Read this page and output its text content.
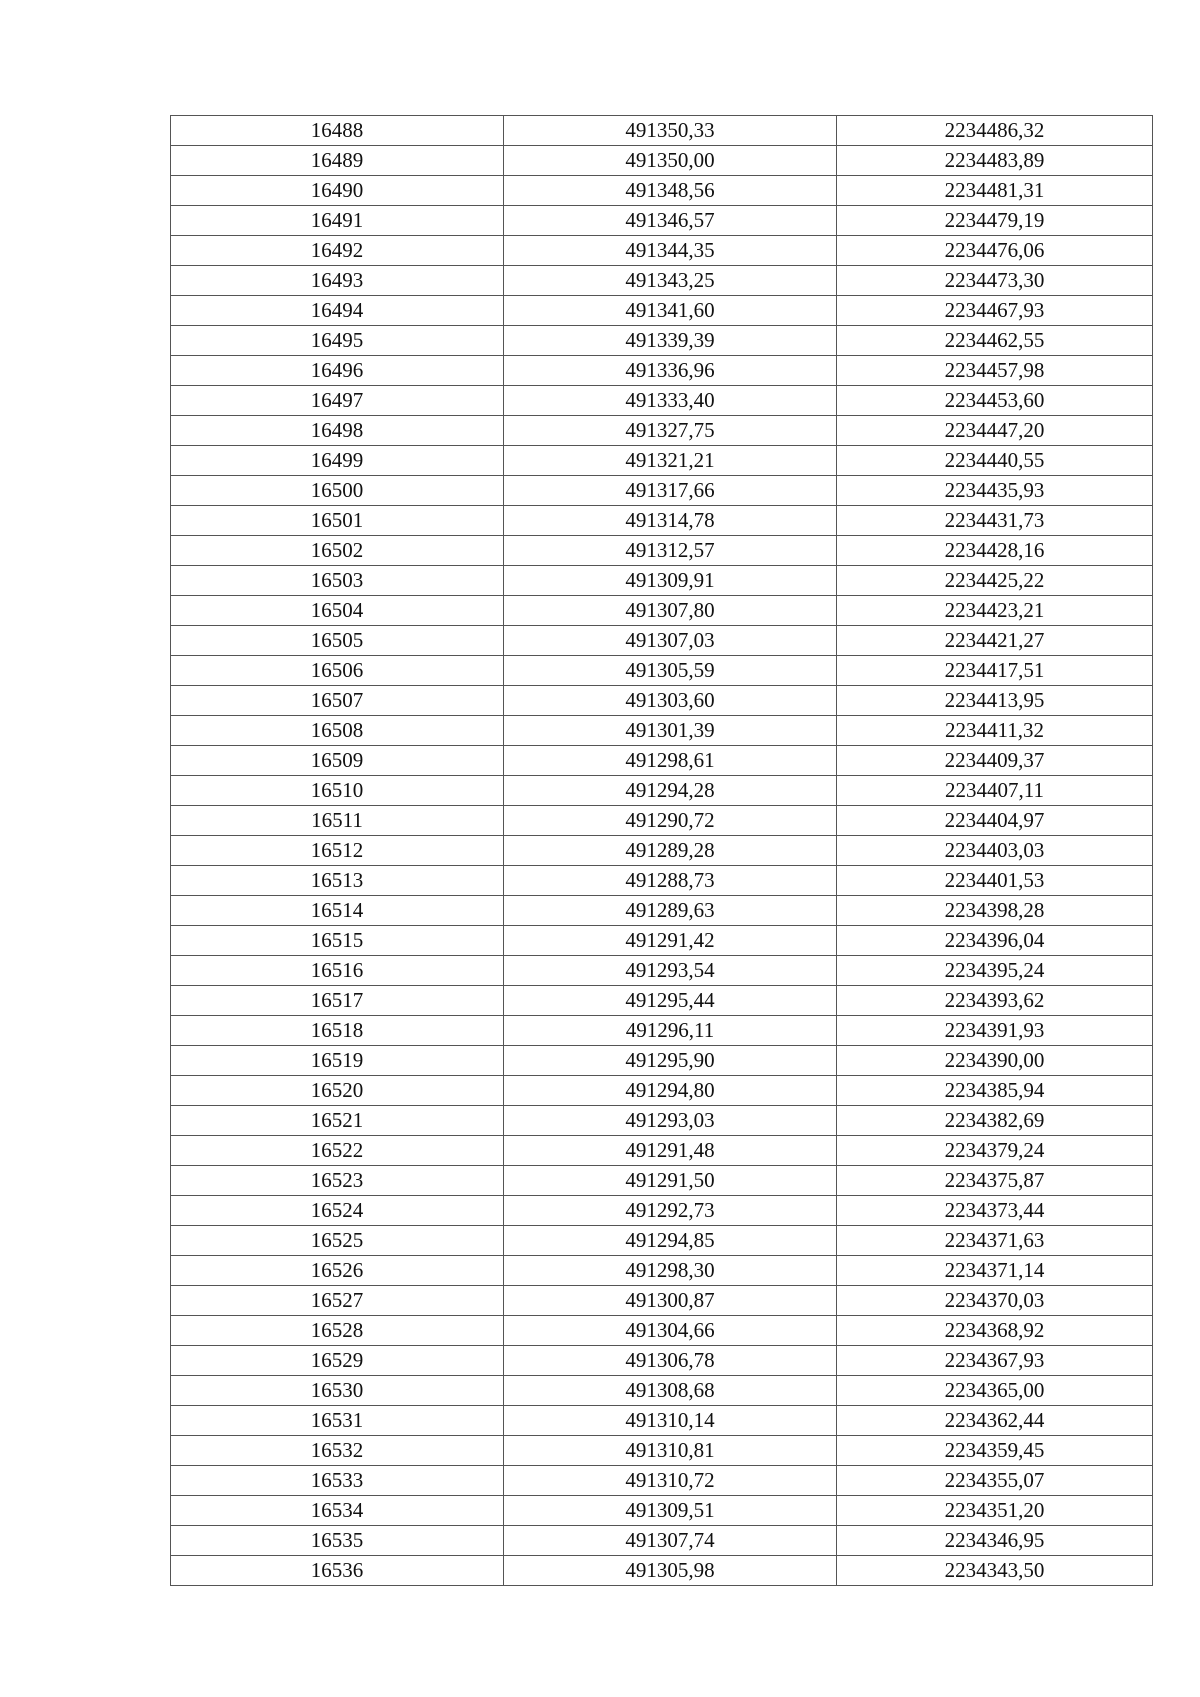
16488	491350,33	2234486,32
16489	491350,00	2234483,89
16490	491348,56	2234481,31
16491	491346,57	2234479,19
16492	491344,35	2234476,06
16493	491343,25	2234473,30
16494	491341,60	2234467,93
16495	491339,39	2234462,55
16496	491336,96	2234457,98
16497	491333,40	2234453,60
16498	491327,75	2234447,20
16499	491321,21	2234440,55
16500	491317,66	2234435,93
16501	491314,78	2234431,73
16502	491312,57	2234428,16
16503	491309,91	2234425,22
16504	491307,80	2234423,21
16505	491307,03	2234421,27
16506	491305,59	2234417,51
16507	491303,60	2234413,95
16508	491301,39	2234411,32
16509	491298,61	2234409,37
16510	491294,28	2234407,11
16511	491290,72	2234404,97
16512	491289,28	2234403,03
16513	491288,73	2234401,53
16514	491289,63	2234398,28
16515	491291,42	2234396,04
16516	491293,54	2234395,24
16517	491295,44	2234393,62
16518	491296,11	2234391,93
16519	491295,90	2234390,00
16520	491294,80	2234385,94
16521	491293,03	2234382,69
16522	491291,48	2234379,24
16523	491291,50	2234375,87
16524	491292,73	2234373,44
16525	491294,85	2234371,63
16526	491298,30	2234371,14
16527	491300,87	2234370,03
16528	491304,66	2234368,92
16529	491306,78	2234367,93
16530	491308,68	2234365,00
16531	491310,14	2234362,44
16532	491310,81	2234359,45
16533	491310,72	2234355,07
16534	491309,51	2234351,20
16535	491307,74	2234346,95
16536	491305,98	2234343,50
